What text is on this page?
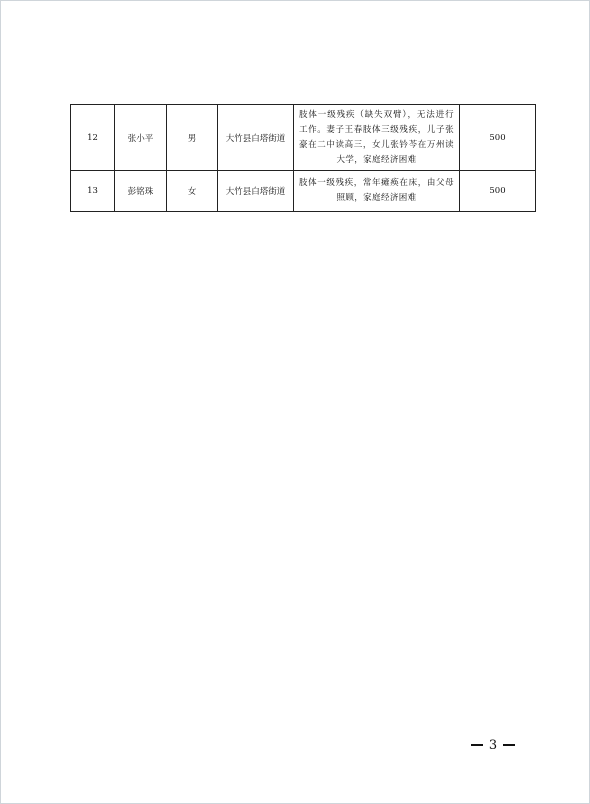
12	张小平	男	大竹县白塔街道	肢体一级残疾（缺失双臂），无法进行工作。妻子王春肢体三级残疾，儿子张豪在二中读高三，女儿张钤芩在万州读大学，家庭经济困难	500
13	彭铭珠	女	大竹县白塔街道	肢体一级残疾，常年瘫痪在床，由父母照顾，家庭经济困难	500
3
